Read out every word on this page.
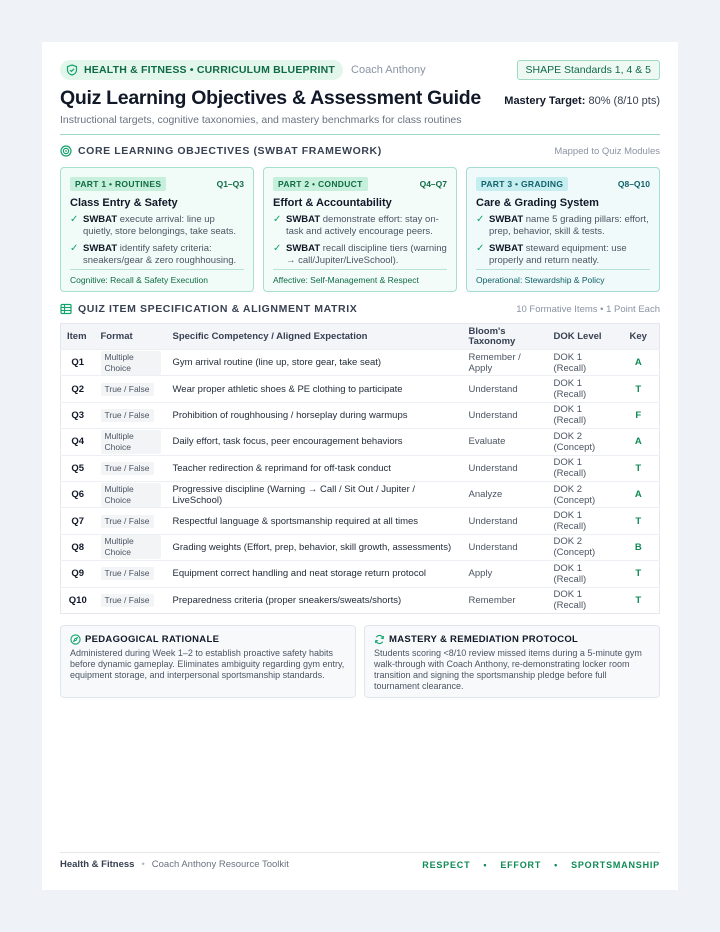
HEALTH & FITNESS • CURRICULUM BLUEPRINT Coach Anthony	SHAPE Standards 1, 4 & 5
Quiz Learning Objectives & Assessment Guide Mastery Target: 80% (8/10 pts)
Instructional targets, cognitive taxonomies, and mastery benchmarks for class routines
CORE LEARNING OBJECTIVES (SWBAT FRAMEWORK)	Mapped to Quiz Modules
PART 1 • ROUTINES	Q1–Q3
Class Entry & Safety
✓ SWBAT execute arrival: line up quietly, store belongings, take seats.
✓ SWBAT identify safety criteria: sneakers/gear & zero roughhousing.
Cognitive: Recall & Safety Execution
PART 2 • CONDUCT	Q4–Q7
Effort & Accountability
✓ SWBAT demonstrate effort: stay on-task and actively encourage peers.
✓ SWBAT recall discipline tiers (warning → call/Jupiter/LiveSchool).
Affective: Self-Management & Respect
PART 3 • GRADING	Q8–Q10
Care & Grading System
✓ SWBAT name 5 grading pillars: effort, prep, behavior, skill & tests.
✓ SWBAT steward equipment: use properly and return neatly.
Operational: Stewardship & Policy
QUIZ ITEM SPECIFICATION & ALIGNMENT MATRIX	10 Formative Items • 1 Point Each
Item	Format	Specific Competency / Aligned Expectation	Bloom's Taxonomy	DOK Level	Key
Q1	Multiple Choice	Gym arrival routine (line up, store gear, take seat)	Remember / Apply	DOK 1 (Recall)	A
Q2	True / False	Wear proper athletic shoes & PE clothing to participate	Understand	DOK 1 (Recall)	T
Q3	True / False	Prohibition of roughhousing / horseplay during warmups	Understand	DOK 1 (Recall)	F
Q4	Multiple Choice	Daily effort, task focus, peer encouragement behaviors	Evaluate	DOK 2 (Concept)	A
Q5	True / False	Teacher redirection & reprimand for off-task conduct	Understand	DOK 1 (Recall)	T
Q6	Multiple Choice	Progressive discipline (Warning → Call / Sit Out / Jupiter / LiveSchool)	Analyze	DOK 2 (Concept)	A
Q7	True / False	Respectful language & sportsmanship required at all times	Understand	DOK 1 (Recall)	T
Q8	Multiple Choice	Grading weights (Effort, prep, behavior, skill growth, assessments)	Understand	DOK 2 (Concept)	B
Q9	True / False	Equipment correct handling and neat storage return protocol	Apply	DOK 1 (Recall)	T
Q10	True / False	Preparedness criteria (proper sneakers/sweats/shorts)	Remember	DOK 1 (Recall)	T
PEDAGOGICAL RATIONALE
Administered during Week 1–2 to establish proactive safety habits before dynamic gameplay. Eliminates ambiguity regarding gym entry, equipment storage, and interpersonal sportsmanship standards.
MASTERY & REMEDIATION PROTOCOL
Students scoring <8/10 review missed items during a 5-minute gym walk-through with Coach Anthony, re-demonstrating locker room transition and signing the sportsmanship pledge before full tournament clearance.
Health & Fitness • Coach Anthony Resource Toolkit	RESPECT • EFFORT • SPORTSMANSHIP
